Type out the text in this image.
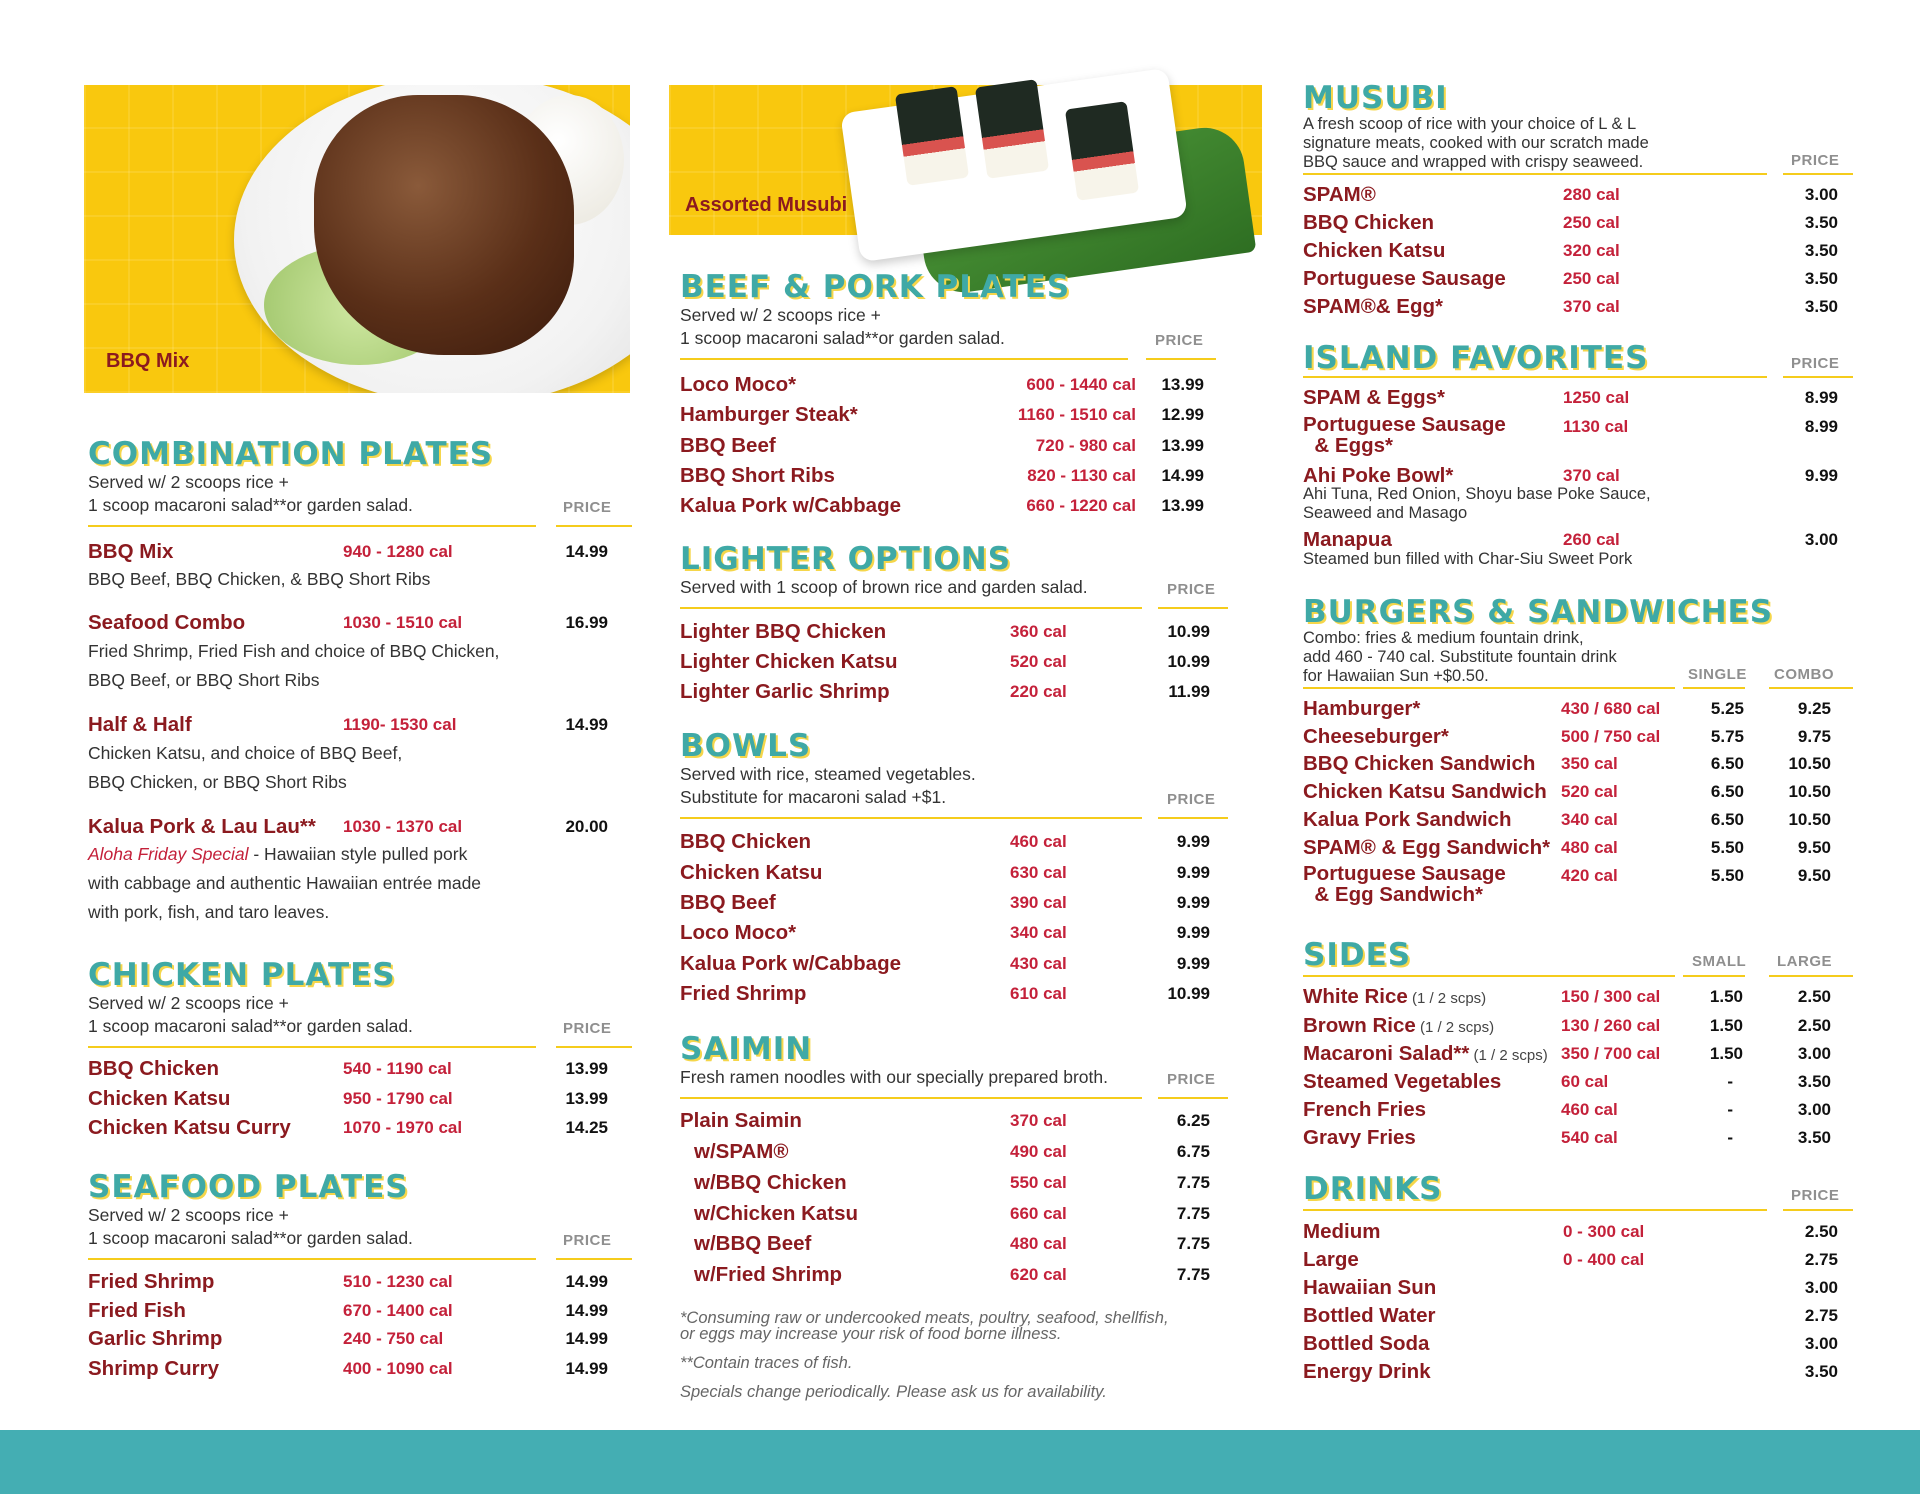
BBQ Mix
COMBINATION PLATES
Served w/ 2 scoops rice +
1 scoop macaroni salad**or garden salad.	PRICE
BBQ Mix	940 - 1280 cal	14.99
BBQ Beef, BBQ Chicken, & BBQ Short Ribs
Seafood Combo	1030 - 1510 cal	16.99
Fried Shrimp, Fried Fish and choice of BBQ Chicken,
BBQ Beef, or BBQ Short Ribs
Half & Half	1190- 1530 cal	14.99
Chicken Katsu, and choice of BBQ Beef,
BBQ Chicken, or BBQ Short Ribs
Kalua Pork & Lau Lau** 1030 - 1370 cal	20.00
Aloha Friday Special - Hawaiian style pulled pork
with cabbage and authentic Hawaiian entrée made
with pork, fish, and taro leaves.
CHICKEN PLATES
Served w/ 2 scoops rice +
1 scoop macaroni salad**or garden salad.	PRICE
BBQ Chicken	540 - 1190 cal	13.99
Chicken Katsu	950 - 1790 cal	13.99
Chicken Katsu Curry	1070 - 1970 cal	14.25
SEAFOOD PLATES
Served w/ 2 scoops rice +
1 scoop macaroni salad**or garden salad.	PRICE
Fried Shrimp	510 - 1230 cal	14.99
Fried Fish	670 - 1400 cal	14.99
Garlic Shrimp	240 - 750 cal	14.99
Shrimp Curry	400 - 1090 cal	14.99
Assorted Musubi
BEEF & PORK PLATES
Served w/ 2 scoops rice +
1 scoop macaroni salad**or garden salad.	PRICE
Loco Moco*	600 - 1440 cal 13.99
Hamburger Steak*	1160 - 1510 cal 12.99
BBQ Beef	720 - 980 cal 13.99
BBQ Short Ribs	820 - 1130 cal 14.99
Kalua Pork w/Cabbage	660 - 1220 cal 13.99
LIGHTER OPTIONS
Served with 1 scoop of brown rice and garden salad.	PRICE
Lighter BBQ Chicken	360 cal	10.99
Lighter Chicken Katsu	520 cal	10.99
Lighter Garlic Shrimp	220 cal	11.99
BOWLS
Served with rice, steamed vegetables.
Substitute for macaroni salad +$1.	PRICE
BBQ Chicken	460 cal	9.99
Chicken Katsu	630 cal	9.99
BBQ Beef	390 cal	9.99
Loco Moco*	340 cal	9.99
Kalua Pork w/Cabbage	430 cal	9.99
Fried Shrimp	610 cal	10.99
SAIMIN
Fresh ramen noodles with our specially prepared broth.	PRICE
Plain Saimin	370 cal	6.25
w/SPAM®	490 cal	6.75
w/BBQ Chicken	550 cal	7.75
w/Chicken Katsu	660 cal	7.75
w/BBQ Beef	480 cal	7.75
w/Fried Shrimp	620 cal	7.75
*Consuming raw or undercooked meats, poultry, seafood, shellfish,
or eggs may increase your risk of food borne illness.
**Contain traces of fish.
Specials change periodically. Please ask us for availability.
MUSUBI
A fresh scoop of rice with your choice of L & L
signature meats, cooked with our scratch made
BBQ sauce and wrapped with crispy seaweed.	PRICE
SPAM®	280 cal	3.00
BBQ Chicken	250 cal	3.50
Chicken Katsu	320 cal	3.50
Portuguese Sausage	250 cal	3.50
SPAM®& Egg*	370 cal	3.50
ISLAND FAVORITES	PRICE
SPAM & Eggs*	1250 cal	8.99
Portuguese Sausage
& Eggs*
1130 cal	8.99
Ahi Poke Bowl*	370 cal	9.99
Ahi Tuna, Red Onion, Shoyu base Poke Sauce,
Seaweed and Masago
Manapua	260 cal	3.00
Steamed bun filled with Char-Siu Sweet Pork
BURGERS & SANDWICHES
Combo: fries & medium fountain drink,
add 460 - 740 cal. Substitute fountain drink
for Hawaiian Sun +$0.50.	SINGLE COMBO
Hamburger*	430 / 680 cal	5.25	9.25
Cheeseburger*	500 / 750 cal	5.75	9.75
BBQ Chicken Sandwich 350 cal	6.50	10.50
Chicken Katsu Sandwich 520 cal	6.50	10.50
Kalua Pork Sandwich	340 cal	6.50	10.50
SPAM® & Egg Sandwich* 480 cal	5.50	9.50
Portuguese Sausage
& Egg Sandwich*
420 cal	5.50	9.50
SIDES	SMALL LARGE
White Rice (1 / 2 scps)	150 / 300 cal	1.50	2.50
Brown Rice (1 / 2 scps)	130 / 260 cal	1.50	2.50
Macaroni Salad** (1 / 2 scps) 350 / 700 cal	1.50	3.00
Steamed Vegetables	60 cal	-	3.50
French Fries	460 cal	-	3.00
Gravy Fries	540 cal	-	3.50
DRINKS	PRICE
Medium	0 - 300 cal	2.50
Large	0 - 400 cal	2.75
Hawaiian Sun	3.00
Bottled Water	2.75
Bottled Soda	3.00
Energy Drink	3.50
